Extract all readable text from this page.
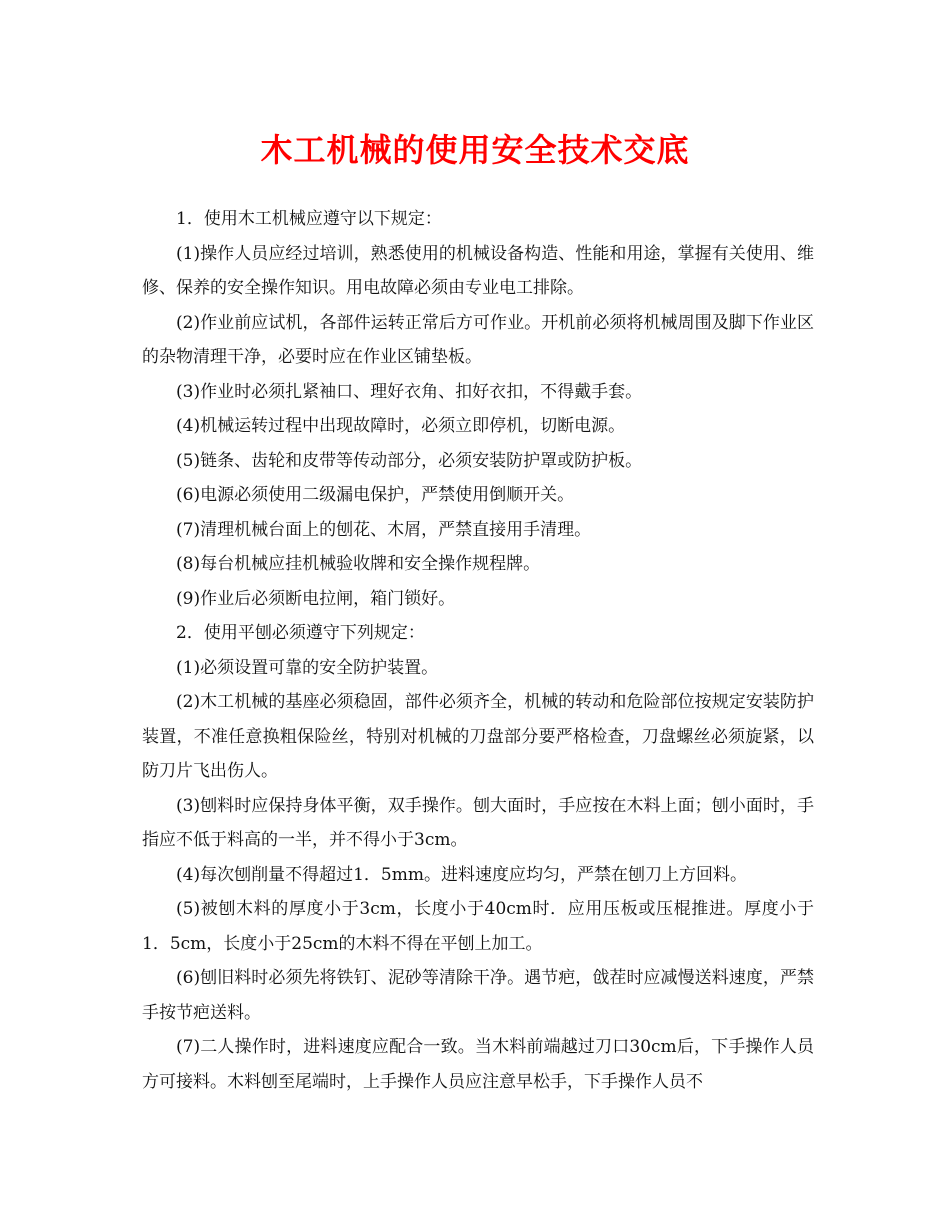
木工机械的使用安全技术交底

1．使用木工机械应遵守以下规定：

(1)操作人员应经过培训，熟悉使用的机械设备构造、性能和用途，掌握有关使用、维修、保养的安全操作知识。用电故障必须由专业电工排除。

(2)作业前应试机，各部件运转正常后方可作业。开机前必须将机械周围及脚下作业区的杂物清理干净，必要时应在作业区铺垫板。

(3)作业时必须扎紧袖口、理好衣角、扣好衣扣，不得戴手套。

(4)机械运转过程中出现故障时，必须立即停机，切断电源。

(5)链条、齿轮和皮带等传动部分，必须安装防护罩或防护板。

(6)电源必须使用二级漏电保护，严禁使用倒顺开关。

(7)清理机械台面上的刨花、木屑，严禁直接用手清理。

(8)每台机械应挂机械验收牌和安全操作规程牌。

(9)作业后必须断电拉闸，箱门锁好。

2．使用平刨必须遵守下列规定：

(1)必须设置可靠的安全防护装置。

(2)木工机械的基座必须稳固，部件必须齐全，机械的转动和危险部位按规定安装防护装置，不准任意换粗保险丝，特别对机械的刀盘部分要严格检查，刀盘螺丝必须旋紧，以防刀片飞出伤人。

(3)刨料时应保持身体平衡，双手操作。刨大面时，手应按在木料上面；刨小面时，手指应不低于料高的一半，并不得小于3cm。

(4)每次刨削量不得超过1．5mm。进料速度应均匀，严禁在刨刀上方回料。

(5)被刨木料的厚度小于3cm，长度小于40cm时．应用压板或压棍推进。厚度小于1．5cm，长度小于25cm的木料不得在平刨上加工。

(6)刨旧料时必须先将铁钉、泥砂等清除干净。遇节疤，戗茬时应减慢送料速度，严禁手按节疤送料。

(7)二人操作时，进料速度应配合一致。当木料前端越过刀口30cm后，下手操作人员方可接料。木料刨至尾端时，上手操作人员应注意早松手，下手操作人员不
